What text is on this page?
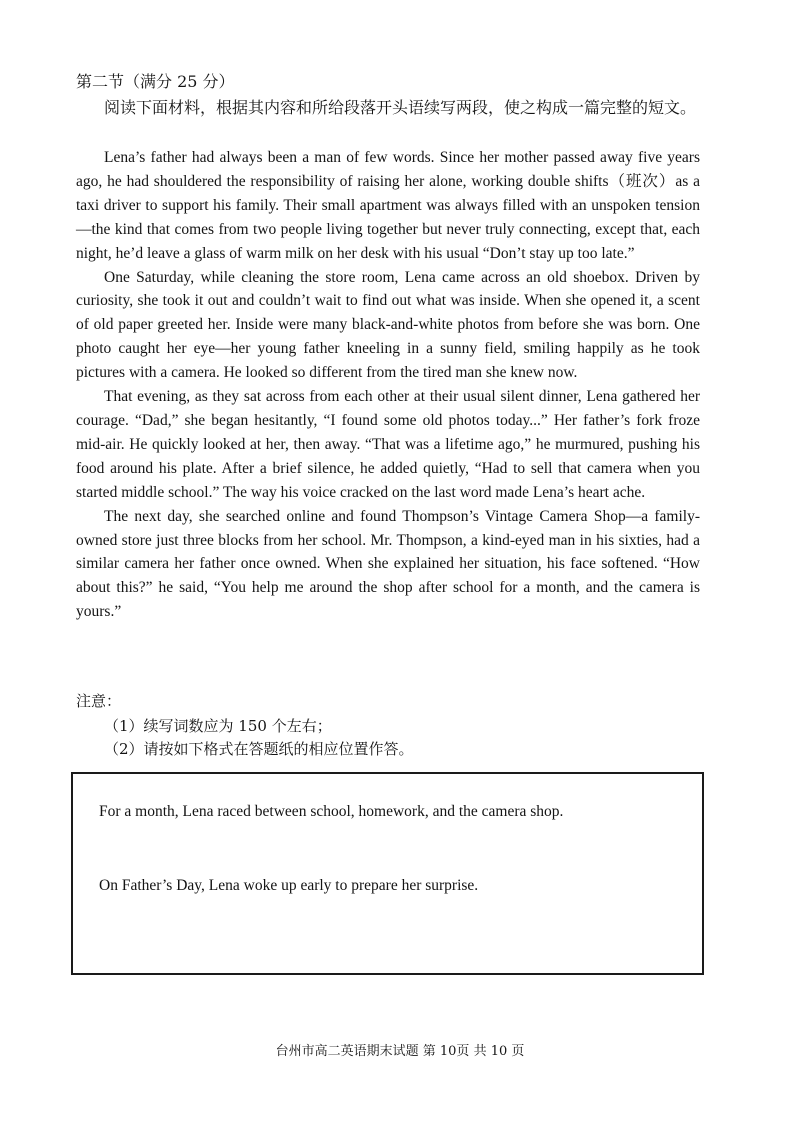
第二节（满分 25 分）
阅读下面材料，根据其内容和所给段落开头语续写两段，使之构成一篇完整的短文。

Lena’s father had always been a man of few words. Since her mother passed away five years ago, he had shouldered the responsibility of raising her alone, working double shifts（班次）as a taxi driver to support his family. Their small apartment was always filled with an unspoken tension—the kind that comes from two people living together but never truly connecting, except that, each night, he’d leave a glass of warm milk on her desk with his usual “Don’t stay up too late.”

One Saturday, while cleaning the store room, Lena came across an old shoebox. Driven by curiosity, she took it out and couldn’t wait to find out what was inside. When she opened it, a scent of old paper greeted her. Inside were many black-and-white photos from before she was born. One photo caught her eye—her young father kneeling in a sunny field, smiling happily as he took pictures with a camera. He looked so different from the tired man she knew now.

That evening, as they sat across from each other at their usual silent dinner, Lena gathered her courage. “Dad,” she began hesitantly, “I found some old photos today...” Her father’s fork froze mid-air. He quickly looked at her, then away. “That was a lifetime ago,” he murmured, pushing his food around his plate. After a brief silence, he added quietly, “Had to sell that camera when you started middle school.” The way his voice cracked on the last word made Lena’s heart ache.

The next day, she searched online and found Thompson’s Vintage Camera Shop—a family-owned store just three blocks from her school. Mr. Thompson, a kind-eyed man in his sixties, had a similar camera her father once owned. When she explained her situation, his face softened. “How about this?” he said, “You help me around the shop after school for a month, and the camera is yours.”

注意：

（1）续写词数应为 150 个左右；

（2）请按如下格式在答题纸的相应位置作答。

For a month, Lena raced between school, homework, and the camera shop.
On Father’s Day, Lena woke up early to prepare her surprise.
台州市高二英语期末试题 第 10页 共 10 页
